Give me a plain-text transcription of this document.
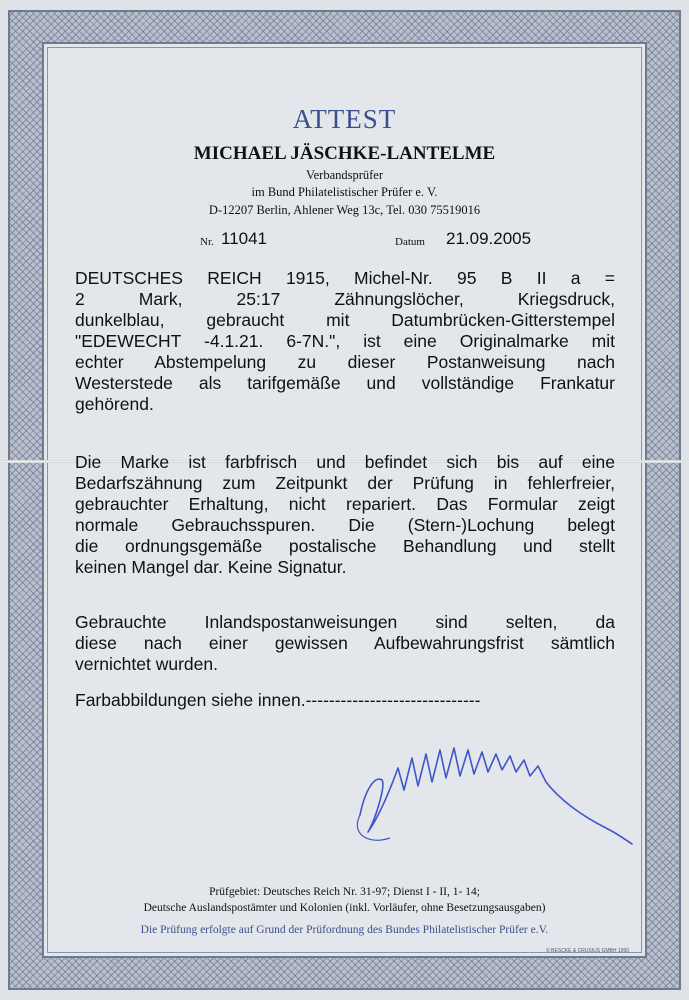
ATTEST
MICHAEL JÄSCHKE-LANTELME
Verbandsprüfer
im Bund Philatelistischer Prüfer e. V.
D-12207 Berlin, Ahlener Weg 13c, Tel. 030 75519016
Nr. 11041	Datum 21.09.2005
DEUTSCHES REICH 1915, Michel-Nr. 95 B II a =
2 Mark, 25:17 Zähnungslöcher, Kriegsdruck,
dunkelblau, gebraucht mit Datumbrücken-Gitterstempel
"EDEWECHT -4.1.21. 6-7N.", ist eine Originalmarke mit
echter Abstempelung zu dieser Postanweisung nach
Westerstede als tarifgemäße und vollständige Frankatur
gehörend.
Die Marke ist farbfrisch und befindet sich bis auf eine
Bedarfszähnung zum Zeitpunkt der Prüfung in fehlerfreier,
gebrauchter Erhaltung, nicht repariert. Das Formular zeigt
normale Gebrauchsspuren. Die (Stern-)Lochung belegt
die ordnungsgemäße postalische Behandlung und stellt
keinen Mangel dar. Keine Signatur.
Gebrauchte Inlandspostanweisungen sind selten, da
diese nach einer gewissen Aufbewahrungsfrist sämtlich
vernichtet wurden.
Farbabbildungen siehe innen.------------------------------
Prüfgebiet: Deutsches Reich Nr. 31-97; Dienst I - II, 1- 14;
Deutsche Auslandspostämter und Kolonien (inkl. Vorläufer, ohne Besetzungsausgaben)
Die Prüfung erfolgte auf Grund der Prüfordnung des Bundes Philatelistischer Prüfer e.V.
© BESCKE & CRUSIUS GMBH 1990
